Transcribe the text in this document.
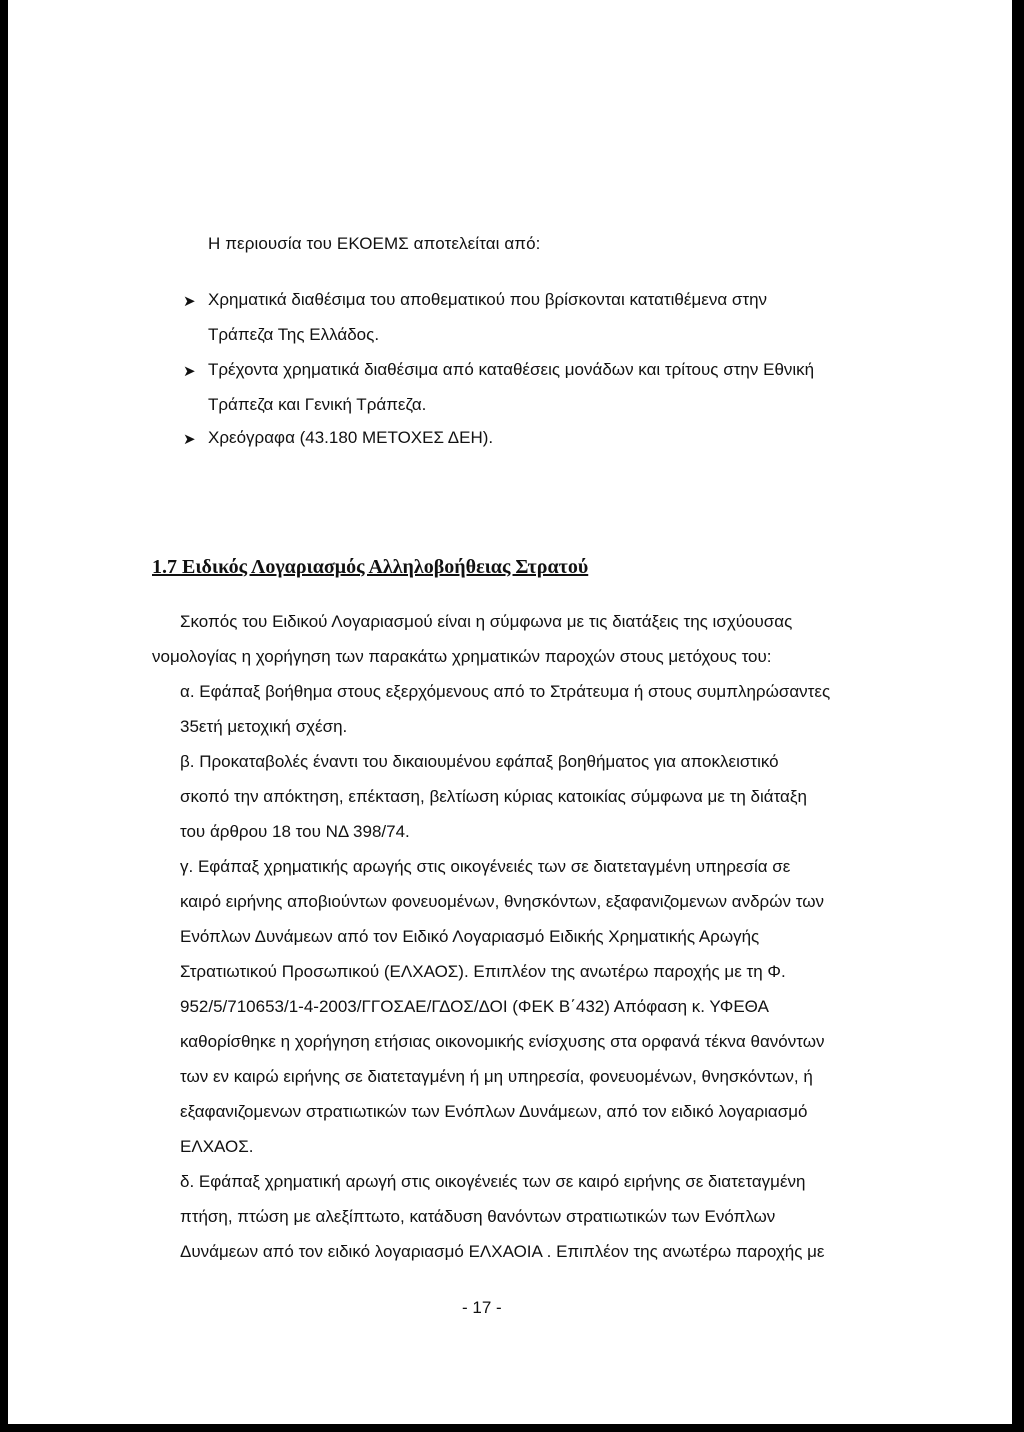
Η περιουσία του ΕΚΟΕΜΣ αποτελείται από:
➤ Χρηματικά διαθέσιμα του αποθεματικού που βρίσκονται κατατιθέμενα στην
Τράπεζα Της Ελλάδος.
➤ Τρέχοντα χρηματικά διαθέσιμα από καταθέσεις μονάδων και τρίτους στην Εθνική
Τράπεζα και Γενική Τράπεζα.
➤ Χρεόγραφα (43.180 ΜΕΤΟΧΕΣ ΔΕΗ).
1.7 Ειδικός Λογαριασμός Αλληλοβοήθειας Στρατού
Σκοπός του Ειδικού Λογαριασμού είναι η σύμφωνα με τις διατάξεις της ισχύουσας
νομολογίας η χορήγηση των παρακάτω χρηματικών παροχών στους μετόχους του:
α. Εφάπαξ βοήθημα στους εξερχόμενους από το Στράτευμα ή στους συμπληρώσαντες
35ετή μετοχική σχέση.
β. Προκαταβολές έναντι του δικαιουμένου εφάπαξ βοηθήματος για αποκλειστικό
σκοπό την απόκτηση, επέκταση, βελτίωση κύριας κατοικίας σύμφωνα με τη διάταξη
του άρθρου 18 του ΝΔ 398/74.
γ. Εφάπαξ χρηματικής αρωγής στις οικογένειές των σε διατεταγμένη υπηρεσία σε
καιρό ειρήνης αποβιούντων φονευομένων, θνησκόντων, εξαφανιζομενων ανδρών των
Ενόπλων Δυνάμεων από τον Ειδικό Λογαριασμό Ειδικής Χρηματικής Αρωγής
Στρατιωτικού Προσωπικού (ΕΛΧΑΟΣ). Επιπλέον της ανωτέρω παροχής με τη Φ.
952/5/710653/1-4-2003/ΓΓΟΣΑΕ/ΓΔΟΣ/ΔΟΙ (ΦΕΚ Β΄432) Απόφαση κ. ΥΦΕΘΑ
καθορίσθηκε η χορήγηση ετήσιας οικονομικής ενίσχυσης στα ορφανά τέκνα θανόντων
των εν καιρώ ειρήνης σε διατεταγμένη ή μη υπηρεσία, φονευομένων, θνησκόντων, ή
εξαφανιζομενων στρατιωτικών των Ενόπλων Δυνάμεων, από τον ειδικό λογαριασμό
ΕΛΧΑΟΣ.
δ. Εφάπαξ χρηματική αρωγή στις οικογένειές των σε καιρό ειρήνης σε διατεταγμένη
πτήση, πτώση με αλεξίπτωτο, κατάδυση θανόντων στρατιωτικών των Ενόπλων
Δυνάμεων από τον ειδικό λογαριασμό ΕΛΧΑΟΙΑ . Επιπλέον της ανωτέρω παροχής με
- 17 -
